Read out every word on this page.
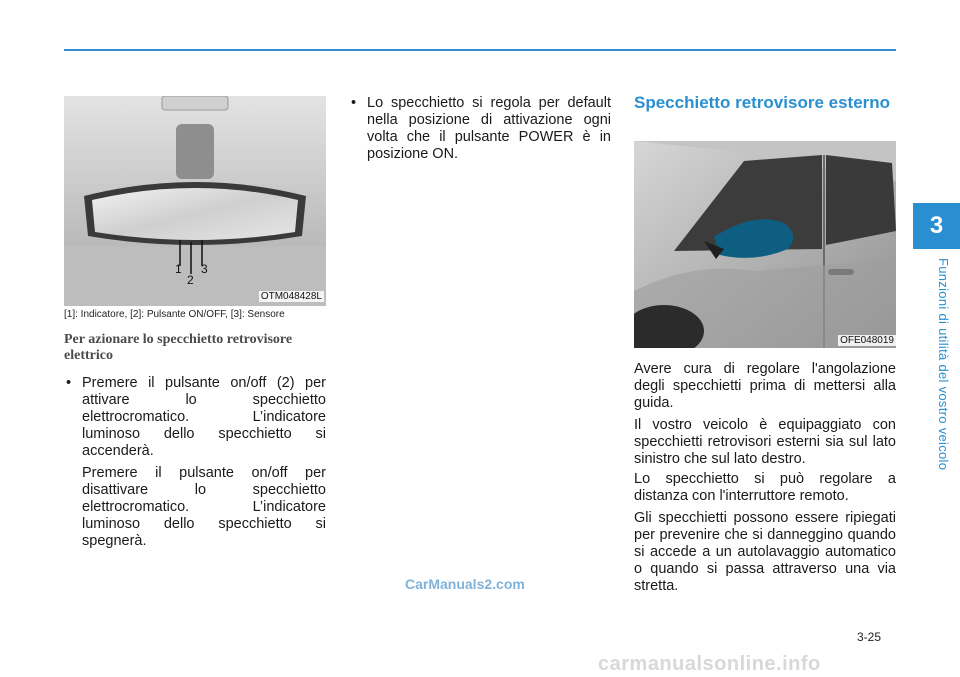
3
Funzioni di utilità del vostro veicolo
1
2
3
OTM048428L
[1]: Indicatore, [2]: Pulsante ON/OFF, [3]: Sensore
Per azionare lo specchietto retrovisore elettrico
• Premere il pulsante on/off (2) per attivare lo specchietto elettrocromatico. L’indicatore luminoso dello specchietto si accenderà.
Premere il pulsante on/off per disattivare lo specchietto elettrocromatico. L’indicatore luminoso dello specchietto si spegnerà.
• Lo specchietto si regola per default nella posizione di attivazione ogni volta che il pulsante POWER è in posizione ON.
CarManuals2.com
Specchietto retrovisore esterno
OFE048019
Avere cura di regolare l'angolazione degli specchietti prima di mettersi alla guida.
Il vostro veicolo è equipaggiato con specchietti retrovisori esterni sia sul lato sinistro che sul lato destro.
Lo specchietto si può regolare a distanza con l'interruttore remoto.
Gli specchietti possono essere ripiegati per prevenire che si danneggino quando si accede a un autolavaggio automatico o quando si passa attraverso una via stretta.
3-25
carmanualsonline.info
